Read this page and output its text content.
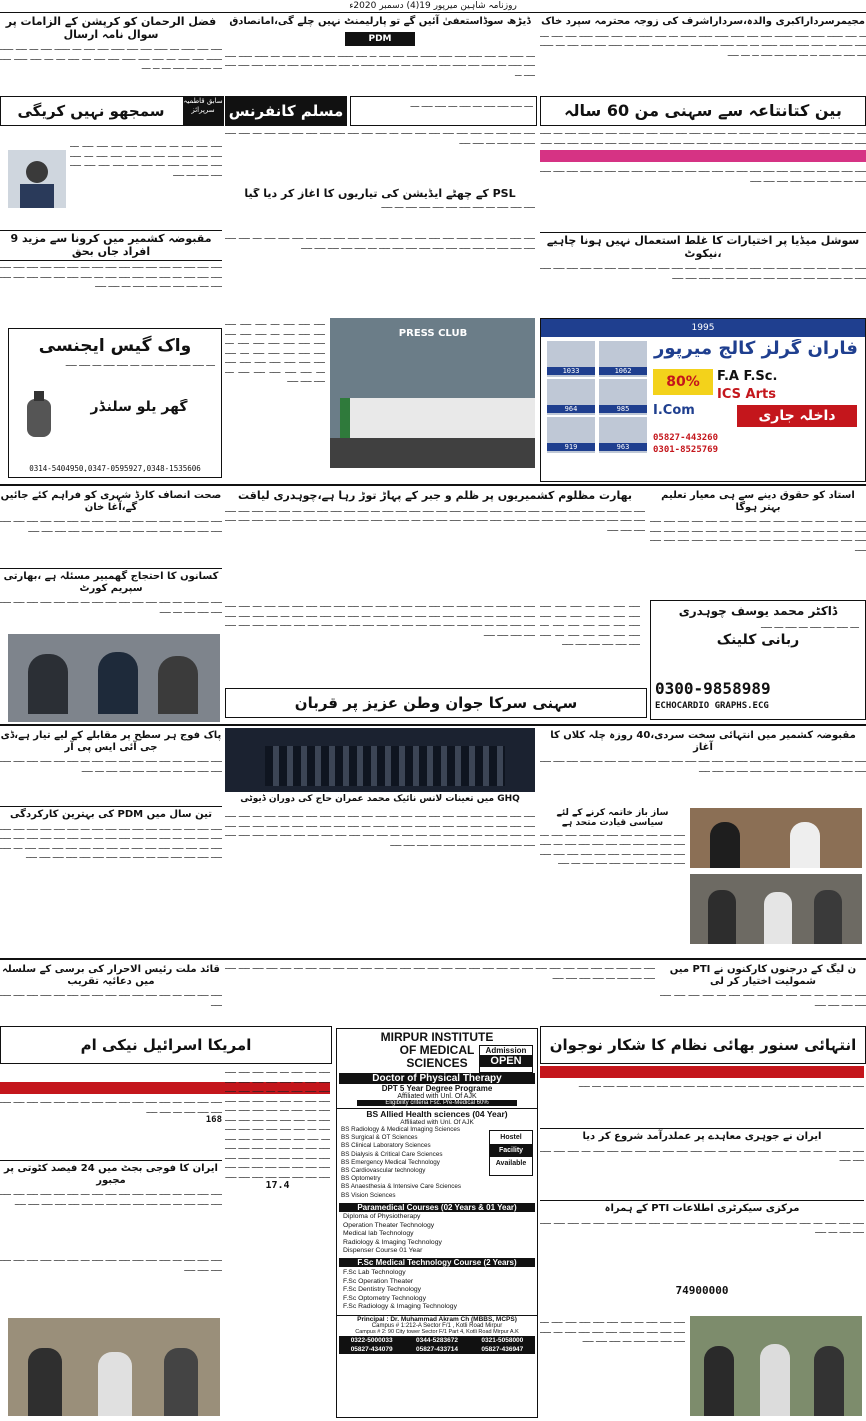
روزنامہ شاہین میرپور 19(4) دسمبر 2020ء
مجیمرسرداراکبری والدہ،سرداراشرف کی زوجہ محترمہ سپرد خاک
ـــ ـــــ ـــــــ ــــــ ــــــ ــــــــ ـــــ ـــــ ــــــ ــــــ ــــــ ـــــــ ــــ ـــــ ــــــ ـــــ ـــــ ــــــ ــــــ ـــــ ـــــ ــــ ـــــ ــــــ ـــــ ـــــ ــــــ ــــــ ـــــــ ــــ ـــــ ــــــ ــــــ ـــــ ـــــ ــــ ـــــ ــــــ ــــ ــــــ ـــــ ـــــ ـــــ ــــ ــــــ ــــ ـــــ ــــ ـــــ ـــ ــــ ـــــ ــــ ـــــ ـــ ــــ ـــــ
ڈیڑھ سوڈاستعفیٰ آئیں گے تو پارلیمنٹ نہیں چلے گی،امانصادق
PDM
ــــ ــــــ ــــ ـــــ ــــــ ـــــ ــــــ ـــــــ ـــــ ـــــ ـــــ ـــ ـــــ ـــــــ ـــــ ــــ ـــــ ــــــ ــــ ــــــ ــــــ ـــــ ـــــ ــــــ ــــ ــــــ ـــــ ــــــ ـــــ ـــــ ـــــ ــــ ـــــ ــــ ــــــ ـــ ـــــ ـــــ ــــ ـــــ ـــــ ـــ ـــــ ـــــ ـــــ ـــــ ـــــ ـــ
فضل الرحمان کو کرپشن کے الزامات پر سوال نامہ ارسال
ـــــ ـــــ ــــــ ــــ ــــــ ـــــ ـــــ ــــــ ـــــ ـــــ ــــ ـــــــ ـــــ ــــ ـــــ ــــــ ـــــــ ـــــ ـــــ ــــ ـــــ ـــــ ــــــ ـــــ ـــــ ــــ ـــــ ــــ ــــ ـــــ ــــــ ـــــ ــــ ـــــ ـــــ ـــــ ــــ ـــ ــــ
بین کتانتاعہ سے سہنی من 60 سالہ
مسلم کانفرنس	ــــ ـــــ ـــــ ـــــ ــــ ـــــ ــــ ـــــ ـــــ ــــ
سابق قاطمیہ سرپرائز
سمجھو نہیں کریگی
ــــ ـــــ ــــ ـــــ ـــــ ـــــ ــــ ـــــ ـــــ ـــــ ــــ ـــــ ــــ ـــــ ـــــ ــــــ ـــــ ـــــ ـــــ ـــــ ـــــ ـــــ ـــــ ــــ ـــــ ـــــ ـــــ ـــــ ـــــ ـــــ ـــــ ـــــ ـــــ ـــــ ـــــ ــــ ـــــ ـــــ ـــــ ـــــ ـــــ ــــ ـــــ ـــــ ـــــ ــــ ـــــ ـــــ ـــــ ـــــ
ـــــ ـــــ ـــــ ــــ ـــــ ـــــ ـــــ ـــــ ـــــ ـــــ ــــ ـــــ ـــــ ـــــ ـــــ ـــــ ـــــ ـــــ ـــــ ـــــ ــــ ـــــ ـــــ ـــــ ـــــ ـــــ ــــ ـــــ ـــــ ـــــ ـــــ ـــــ ـــــ ـــــ
ـــــ ـــــ ـــــ ــــ ـــــ ـــــ ـــــ ـــــ ـــــ ـــــ ــــ ـــــ ـــــ ـــــ ـــــ ـــــ ـــــ ـــــ ـــــ ـــــ ــــ ـــــ ـــــ ـــــ ـــــ ـــــ ــــ ـــــ ـــــ
PSL کے چھٹے ایڈیشن کی تیاریوں کا آغاز کر دیا گیا
ـــــ ـــــ ـــــ ــــ ـــــ ـــــ ـــــ ـــــ ـــــ ـــــ ــــ ـــــ
ـــــ ـــــ ـــــ ــــ ـــــ ـــــ ـــــ ـــــ ـــــ ـــــ ــــ ـــــ ـــــ ـــــ ـــــ ـــــ ـــــ ـــــ ـــــ ـــــ ــــ ـــــ ـــــ ـــــ ـــــ ـــــ ــــ ـــــ ـــــ ـــــ ـــــ ـــــ ـــــ ـــــ ـــــ ــــ ـــــ
مقبوضہ کشمیر میں کرونا سے مزید 9 افراد جاں بحق
ـــــ ـــــ ـــــ ــــ ـــــ ـــــ ـــــ ـــــ ـــــ ـــــ ــــ ـــــ ـــــ ـــــ ـــــ ـــــ ـــــ ـــــ ـــــ ـــــ ــــ ـــــ ـــــ ـــــ ـــــ ـــــ ــــ ـــــ ـــــ ـــــ ـــــ ـــــ ـــــ ـــــ ـــــ ــــ ـــــ ـــــ ـــــ ـــــ ـــــ ــــ ـــــ ـــــ
سوشل میڈیا پر اختیارات کا غلط استعمال نہیں ہونا چاہیے ،نیکوٹ
ـــــ ـــــ ـــــ ــــ ـــــ ـــــ ـــــ ـــــ ـــــ ـــــ ــــ ـــــ ـــــ ـــــ ـــــ ـــــ ـــــ ـــــ ـــــ ـــــ ــــ ـــــ ـــــ ـــــ ـــــ ـــــ ــــ ـــــ ـــــ ـــــ ـــــ ـــــ ـــــ ـــــ ـــــ ــــ ـــــ ـــــ ـــــ ـــــ
ـــــ ـــــ ـــــ ــــ ـــــ ـــــ ـــــ ـــــ ـــــ ـــــ ــــ ـــــ ـــــ ـــــ ـــــ ـــــ ـــــ ـــــ ـــــ ـــــ ــــ ـــــ ـــــ ـــــ ـــــ ـــــ ــــ ـــــ ـــــ ـــــ ـــــ ـــــ ـــــ ـــــ ـــــ ــــ ـــــ ـــــ ـــــ ـــــ ـــــ
واک گیس ایجنسی
ــــ ـــــ ـــــ ـــــ ــــ ـــــ ــــ ـــــ ـــــ ــــ ـــــ ـــــ
گھر یلو سلنڈر
0314-5404950,0347-0595927,0348-1535606
PRESS CLUB
ـــــ ـــــ ـــــ ــــ ـــــ ـــــ ـــــ ـــــ ـــــ ـــــ ــــ ـــــ ـــــ ـــــ ـــــ ـــــ ـــــ ـــــ ـــــ ـــــ ــــ ـــــ ـــــ ـــــ ـــــ ـــــ ــــ ـــــ ـــــ ـــــ ـــــ ـــــ ـــــ ـــــ ـــــ ــــ ـــــ ـــــ ـــــ ـــــ ـــــ ــــ ـــــ ـــــ ـــــ
1995
فاران گرلز کالج میرپور
1033	1062
964	985
919	963
80%	F.A F.Sc.
ICS Arts
I.Com	داخلہ جاری
05827-443260
0301-8525769
استاد کو حقوق دینے سے ہی معیار تعلیم بہتر ہوگا
ـــــ ـــــ ـــــ ــــ ـــــ ـــــ ـــــ ـــــ ـــــ ـــــ ــــ ـــــ ـــــ ـــــ ـــــ ـــــ ـــــ ـــــ ـــــ ـــــ ــــ ـــــ ـــــ ـــــ ـــــ ـــــ ــــ ـــــ ـــــ ـــــ ـــــ ـــــ ـــــ ـــــ ـــــ ــــ ـــــ ـــــ ـــــ ـــــ ـــــ ــــ ـــــ ـــــ ـــــ ـــــ ـــــ ـــــ ـــــ
بھارت مظلوم کشمیریوں پر ظلم و جبر کے پہاڑ توڑ رہا ہے،چوہدری لیاقت
ـــــ ـــــ ـــــ ــــ ـــــ ـــــ ـــــ ـــــ ـــــ ـــــ ــــ ـــــ ـــــ ـــــ ـــــ ـــــ ـــــ ـــــ ـــــ ـــــ ــــ ـــــ ـــــ ـــــ ـــــ ـــــ ــــ ـــــ ـــــ ـــــ ـــــ ـــــ ـــــ ـــــ ـــــ ــــ ـــــ ـــــ ـــــ ـــــ ـــــ ــــ ـــــ ـــــ ـــــ ـــــ ـــــ ـــــ ـــــ ــــ ـــــ ـــــ ـــــ ـــــ ـــــ ــــ ـــــ ـــــ ـــــ ـــــ ـــــ ـــــ ـــــ ـــــ ـــــ ـــــ ـــــ
صحت انصاف کارڈ شہری کو فراہم کئے جائیں گے،آغا خان
ـــــ ـــــ ـــــ ــــ ـــــ ـــــ ـــــ ـــــ ـــــ ـــــ ــــ ـــــ ـــــ ـــــ ـــــ ـــــ ـــــ ـــــ ـــــ ـــــ ــــ ـــــ ـــــ ـــــ ـــــ ـــــ ــــ ـــــ ـــــ ـــــ ـــــ ـــــ
کسانوں کا احتجاج گھمبیر مسئلہ ہے ،بھارتی سپریم کورٹ
ـــــ ـــــ ـــــ ــــ ـــــ ـــــ ـــــ ـــــ ـــــ ـــــ ــــ ـــــ ـــــ ـــــ ـــــ ـــــ ـــــ ـــــ ـــــ ـــــ ــــ ـــــ
ـــــ ـــــ ـــــ ــــ ـــــ ـــــ ـــــ ـــــ ـــــ ـــــ ــــ ـــــ ـــــ ـــــ ـــــ ـــــ ـــــ ـــــ ـــــ ـــــ ــــ ـــــ ـــــ ـــــ ـــــ ـــــ ــــ ـــــ ـــــ ـــــ ـــــ ـــــ ـــــ ـــــ ـــــ ــــ ـــــ ـــــ ـــــ ـــــ ـــــ ــــ ـــــ ـــــ ـــــ ـــــ ـــــ ـــــ ـــــ ــــ ـــــ ـــــ ـــــ ـــــ ـــــ ـــــ ــــ ـــــ ـــــ ـــــ ـــــ ـــــ ـــــ ـــــ ـــــ ـــــ ـــــ ـــــ ـــــ ـــــ ـــــ ـــــ ـــــ
ـــــ ـــــ ـــــ ــــ ـــــ ـــــ ـــــ ـــــ ـــــ ـــــ ــــ ـــــ ـــــ ـــــ ـــــ ـــــ ـــــ ـــــ ـــــ ـــــ ــــ ـــــ ـــــ ـــــ ـــــ ـــــ ــــ ـــــ ـــــ ـــــ ـــــ ـــــ ـــــ ـــــ
ڈاکٹر محمد یوسف چوہدری
ــــ ـــــ ـــــ ـــــ ــــ ـــــ ــــ ـــــ
ربانی کلینک
0300-9858989
ECHOCARDIO GRAPHS.ECG
سہنی سرکا جوان وطن عزیز پر قربان
مقبوضہ کشمیر میں انتہائی سخت سردی،40 روزہ چلہ کلاں کا آغاز
ـــــ ـــــ ـــــ ــــ ـــــ ـــــ ـــــ ـــــ ـــــ ـــــ ــــ ـــــ ـــــ ـــــ ـــــ ـــــ ـــــ ـــــ ـــــ ـــــ ــــ ـــــ ـــــ ـــــ ـــــ ـــــ ــــ ـــــ ـــــ ـــــ ـــــ ـــــ ـــــ ـــــ ـــــ ــــ ـــــ ـــــ
GHQ میں تعینات لانس نائیک محمد عمران حاج کی دوران ڈیوٹی
پاک فوج ہر سطح پر مقابلے کے لیے تیار ہے،ڈی جی آئی ایس پی آر
ـــــ ـــــ ـــــ ــــ ـــــ ـــــ ـــــ ـــــ ـــــ ـــــ ــــ ـــــ ـــــ ـــــ ـــــ ـــــ ـــــ ـــــ ـــــ ـــــ ــــ ـــــ ـــــ ـــــ ـــــ ـــــ ــــ ـــــ
تین سال میں PDM کی بہترین کارکردگی
ـــــ ـــــ ـــــ ــــ ـــــ ـــــ ـــــ ـــــ ـــــ ـــــ ــــ ـــــ ـــــ ـــــ ـــــ ـــــ ـــــ ـــــ ـــــ ـــــ ــــ ـــــ ـــــ ـــــ ـــــ ـــــ ــــ ـــــ ـــــ ـــــ ـــــ ـــــ ـــــ ـــــ ـــــ ــــ ـــــ ـــــ ـــــ ـــــ ـــــ ــــ ـــــ ـــــ ـــــ ـــــ ـــــ ـــــ ـــــ ــــ ـــــ ـــــ ـــــ ـــــ ـــــ ـــــ ــــ ـــــ ـــــ ـــــ ـــــ ـــــ ـــــ ـــــ ـــــ ـــــ
ـــــ ـــــ ـــــ ــــ ـــــ ـــــ ـــــ ـــــ ـــــ ـــــ ــــ ـــــ ـــــ ـــــ ـــــ ـــــ ـــــ ـــــ ـــــ ـــــ ــــ ـــــ ـــــ ـــــ ـــــ ـــــ ــــ ـــــ ـــــ ـــــ ـــــ ـــــ ـــــ ـــــ ـــــ ــــ ـــــ ـــــ ـــــ ـــــ ـــــ ــــ ـــــ ـــــ ـــــ ـــــ ـــــ ـــــ ـــــ ــــ ـــــ ـــــ ـــــ ـــــ ـــــ ـــــ ــــ ـــــ ـــــ ـــــ ـــــ ـــــ ـــــ ـــــ ـــــ ـــــ ـــــ ـــــ ـــــ ـــــ ـــــ ـــــ ـــــ ـــــ ـــــ ـــــ ـــــ ـــــ ـــــ ـــــ
ساز باز خاتمہ کرنے کے لئے سیاسی قیادت متحد ہے
ـــــ ـــــ ـــــ ــــ ـــــ ـــــ ـــــ ـــــ ـــــ ـــــ ــــ ـــــ ـــــ ـــــ ـــــ ـــــ ـــــ ـــــ ـــــ ـــــ ــــ ـــــ ـــــ ـــــ ـــــ ـــــ ــــ ـــــ ـــــ ـــــ ـــــ ـــــ ـــــ ـــــ ـــــ ــــ ـــــ ـــــ ـــــ ـــــ ـــــ ــــ ـــــ
ن لیگ کے درجنوں کارکنوں نے PTI میں شمولیت اختیار کر لی
ـــــ ـــــ ـــــ ــــ ـــــ ـــــ ـــــ ـــــ ـــــ ـــــ ــــ ـــــ ـــــ ـــــ ـــــ ـــــ ـــــ ـــــ ـــــ
قائد ملت رئیس الاحرار کی برسی کے سلسلہ میں دعائیہ تقریب
ـــــ ـــــ ـــــ ــــ ـــــ ـــــ ـــــ ـــــ ـــــ ـــــ ــــ ـــــ ـــــ ـــــ ـــــ ـــــ ـــــ ـــــ
ـــــ ـــــ ـــــ ــــ ـــــ ـــــ ـــــ ـــــ ـــــ ـــــ ــــ ـــــ ـــــ ـــــ ـــــ ـــــ ـــــ ـــــ ـــــ ـــــ ــــ ـــــ ـــــ ـــــ ـــــ ـــــ ــــ ـــــ ـــــ ـــــ ـــــ ـــــ ـــــ ـــــ ـــــ ــــ ـــــ ـــــ ـــــ ـــــ
انتہائی سنور بھائی نظام کا شکار نوجوان
امریکا اسرائیل نیکی ام
ـــــ ـــــ ـــــ ــــ ـــــ ـــــ ـــــ ـــــ ـــــ ـــــ ــــ ـــــ ـــــ ـــــ ـــــ ـــــ ـــــ ـــــ ـــــ ـــــ ــــ ـــــ
ایران نے جوہری معاہدے پر عملدرآمد شروع کر دیا
ـــــ ـــــ ـــــ ــــ ـــــ ـــــ ـــــ ـــــ ـــــ ـــــ ــــ ـــــ ـــــ ـــــ ـــــ ـــــ ـــــ ـــــ ـــــ ـــــ ــــ ـــــ ـــــ ـــــ ـــــ ـــــ
مرکزی سیکرٹری اطلاعات PTI کے ہمراہ
ـــــ ـــــ ـــــ ــــ ـــــ ـــــ ـــــ ـــــ ـــــ ـــــ ــــ ـــــ ـــــ ـــــ ـــــ ـــــ ـــــ ـــــ ـــــ ـــــ ــــ ـــــ ـــــ ـــــ ـــــ ـــــ ــــ ـــــ
74900000
ـــــ ـــــ ـــــ ــــ ـــــ ـــــ ـــــ ـــــ ـــــ ـــــ ــــ ـــــ ـــــ ـــــ ـــــ ـــــ ـــــ ـــــ ـــــ ـــــ ــــ ـــــ ـــــ ـــــ ـــــ ـــــ ــــ ـــــ ـــــ ـــــ
ـــــ ـــــ ـــــ ــــ ـــــ ـــــ ـــــ ـــــ ـــــ ـــــ ــــ ـــــ ـــــ ـــــ ـــــ ـــــ ـــــ ـــــ ـــــ ـــــ ــــ ـــــ ـــــ
168
ایران کا فوجی بجٹ میں 24 فیصد کٹوتی پر مجبور
ـــــ ـــــ ـــــ ــــ ـــــ ـــــ ـــــ ـــــ ـــــ ـــــ ــــ ـــــ ـــــ ـــــ ـــــ ـــــ ـــــ ـــــ ـــــ ـــــ ــــ ـــــ ـــــ ـــــ ـــــ ـــــ ــــ ـــــ ـــــ ـــــ ـــــ ـــــ ـــــ
ـــــ ـــــ ـــــ ــــ ـــــ ـــــ ـــــ ـــــ ـــــ ـــــ ــــ ـــــ ـــــ ـــــ ـــــ ـــــ ـــــ ـــــ ـــــ ـــــ
ـــــ ـــــ ـــــ ــــ ـــــ ـــــ ـــــ ـــــ ـــــ ـــــ ــــ ـــــ ـــــ ـــــ ـــــ ـــــ ـــــ ـــــ ـــــ ـــــ ــــ ـــــ ـــــ ـــــ ـــــ ـــــ ــــ ـــــ ـــــ ـــــ ـــــ ـــــ ـــــ ـــــ ـــــ ــــ ـــــ ـــــ ـــــ ـــــ ـــــ ــــ ـــــ ـــــ ـــــ ـــــ ـــــ ـــــ ـــــ ــــ ـــــ ـــــ ـــــ ـــــ ـــــ ـــــ ــــ ـــــ ـــــ ـــــ ـــــ ـــــ ـــــ ـــــ ـــــ ـــــ ـــــ ـــــ ـــــ ـــــ ـــــ ـــــ ـــــ ـــــ ـــــ ـــــ ـــــ ـــــ ـــــ ـــــ ـــــ ـــــ ـــــ ـــــ ـــــ ـــــ ـــــ ـــــ ـــــ ـــــ ـــــ ـــــ ـــــ ـــــ ـــــ ـــــ
17.4
MIRPUR INSTITUTE
OF MEDICAL
SCIENCES
Admission
OPEN
Doctor of Physical Therapy
DPT 5 Year Degree Programe
Affiliated with Unl. Of AJK
Eligibility criteria Fsc. Pre-Medical 60%
BS Allied Health sciences (04 Year)
Affiliated with Unl. Of AJK
BS Radiology & Medical Imaging Sciences
BS Surgical & OT Sciences
BS Clinical Laboratory Sciences
BS Dialysis & Critical Care Sciences
BS Emergency Medical Technology
BS Cardiovascular technology
BS Optometry
BS Anaesthesia & Intensive Care Sciences
BS Vision Sciences
Hostel
Facility
Available
Paramedical Courses (02 Years & 01 Year)
Diploma of Physiotherapy
Operation Theater Technology
Medical lab Technology
Radiology & Imaging Technology
Dispenser Course 01 Year
F.Sc Medical Technology Course (2 Years)
F.Sc Lab Technology
F.Sc Operation Theater
F.Sc Dentistry Technology
F.Sc Optometry Technology
F.Sc Radiology & Imaging Technology
Principal : Dr. Muhammad Akram Ch (MBBS, MCPS)
Campus # 1:212-A Sector F/1 , Kotli Road Mirpur
Campus # 2: 90 City tower Sector F/1 Part 4, Kotli Road Mirpur A.K
0322-5000033	0344-5283672	0321-5058000
05827-434079	05827-433714	05827-436947
